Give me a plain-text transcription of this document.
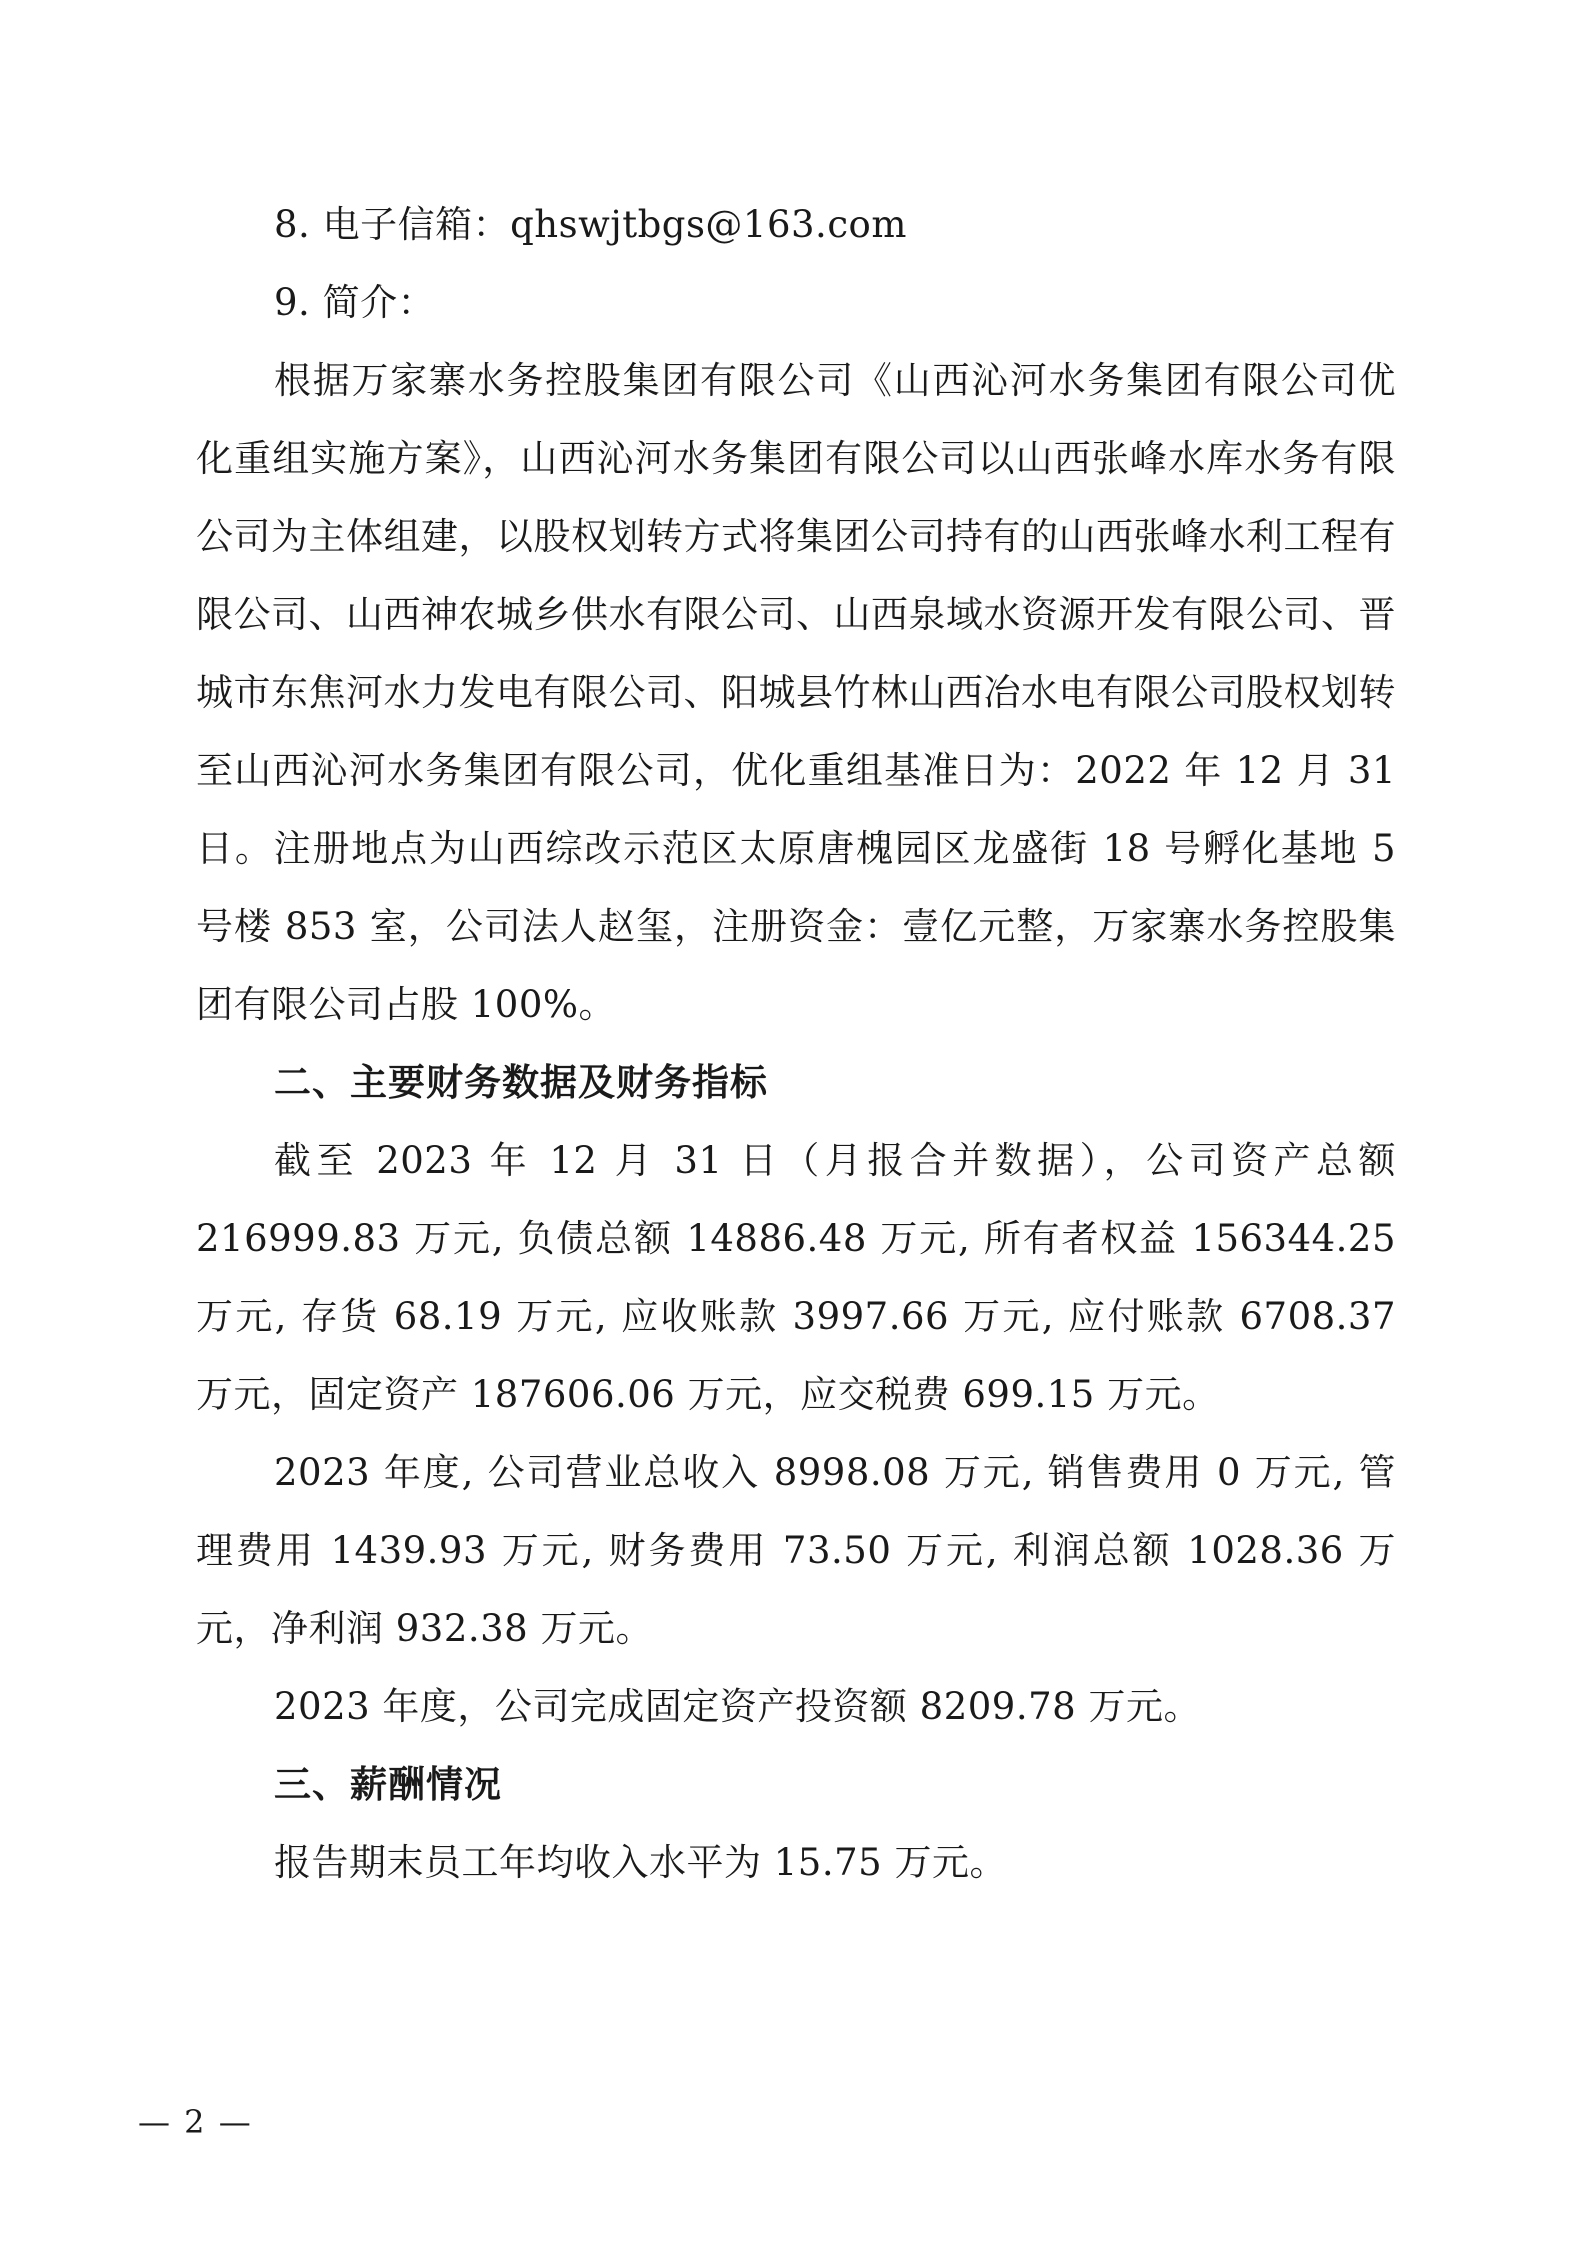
8. 电子信箱：qhswjtbgs@163.com

9. 简介：

根据万家寨水务控股集团有限公司《山西沁河水务集团有限公司优化重组实施方案》，山西沁河水务集团有限公司以山西张峰水库水务有限公司为主体组建，以股权划转方式将集团公司持有的山西张峰水利工程有限公司、山西神农城乡供水有限公司、山西泉域水资源开发有限公司、晋城市东焦河水力发电有限公司、阳城县竹林山西冶水电有限公司股权划转至山西沁河水务集团有限公司，优化重组基准日为：2022 年 12 月 31 日。注册地点为山西综改示范区太原唐槐园区龙盛街 18 号孵化基地 5 号楼 853 室，公司法人赵玺，注册资金：壹亿元整，万家寨水务控股集团有限公司占股 100%。

二、主要财务数据及财务指标

截至 2023 年 12 月 31 日（月报合并数据），公司资产总额 216999.83 万元, 负债总额 14886.48 万元, 所有者权益 156344.25 万元, 存货 68.19 万元, 应收账款 3997.66 万元, 应付账款 6708.37 万元，固定资产 187606.06 万元，应交税费 699.15 万元。

2023 年度, 公司营业总收入 8998.08 万元, 销售费用 0 万元, 管理费用 1439.93 万元, 财务费用 73.50 万元, 利润总额 1028.36 万元，净利润 932.38 万元。

2023 年度，公司完成固定资产投资额 8209.78 万元。

三、薪酬情况

报告期末员工年均收入水平为 15.75 万元。

— 2 —
